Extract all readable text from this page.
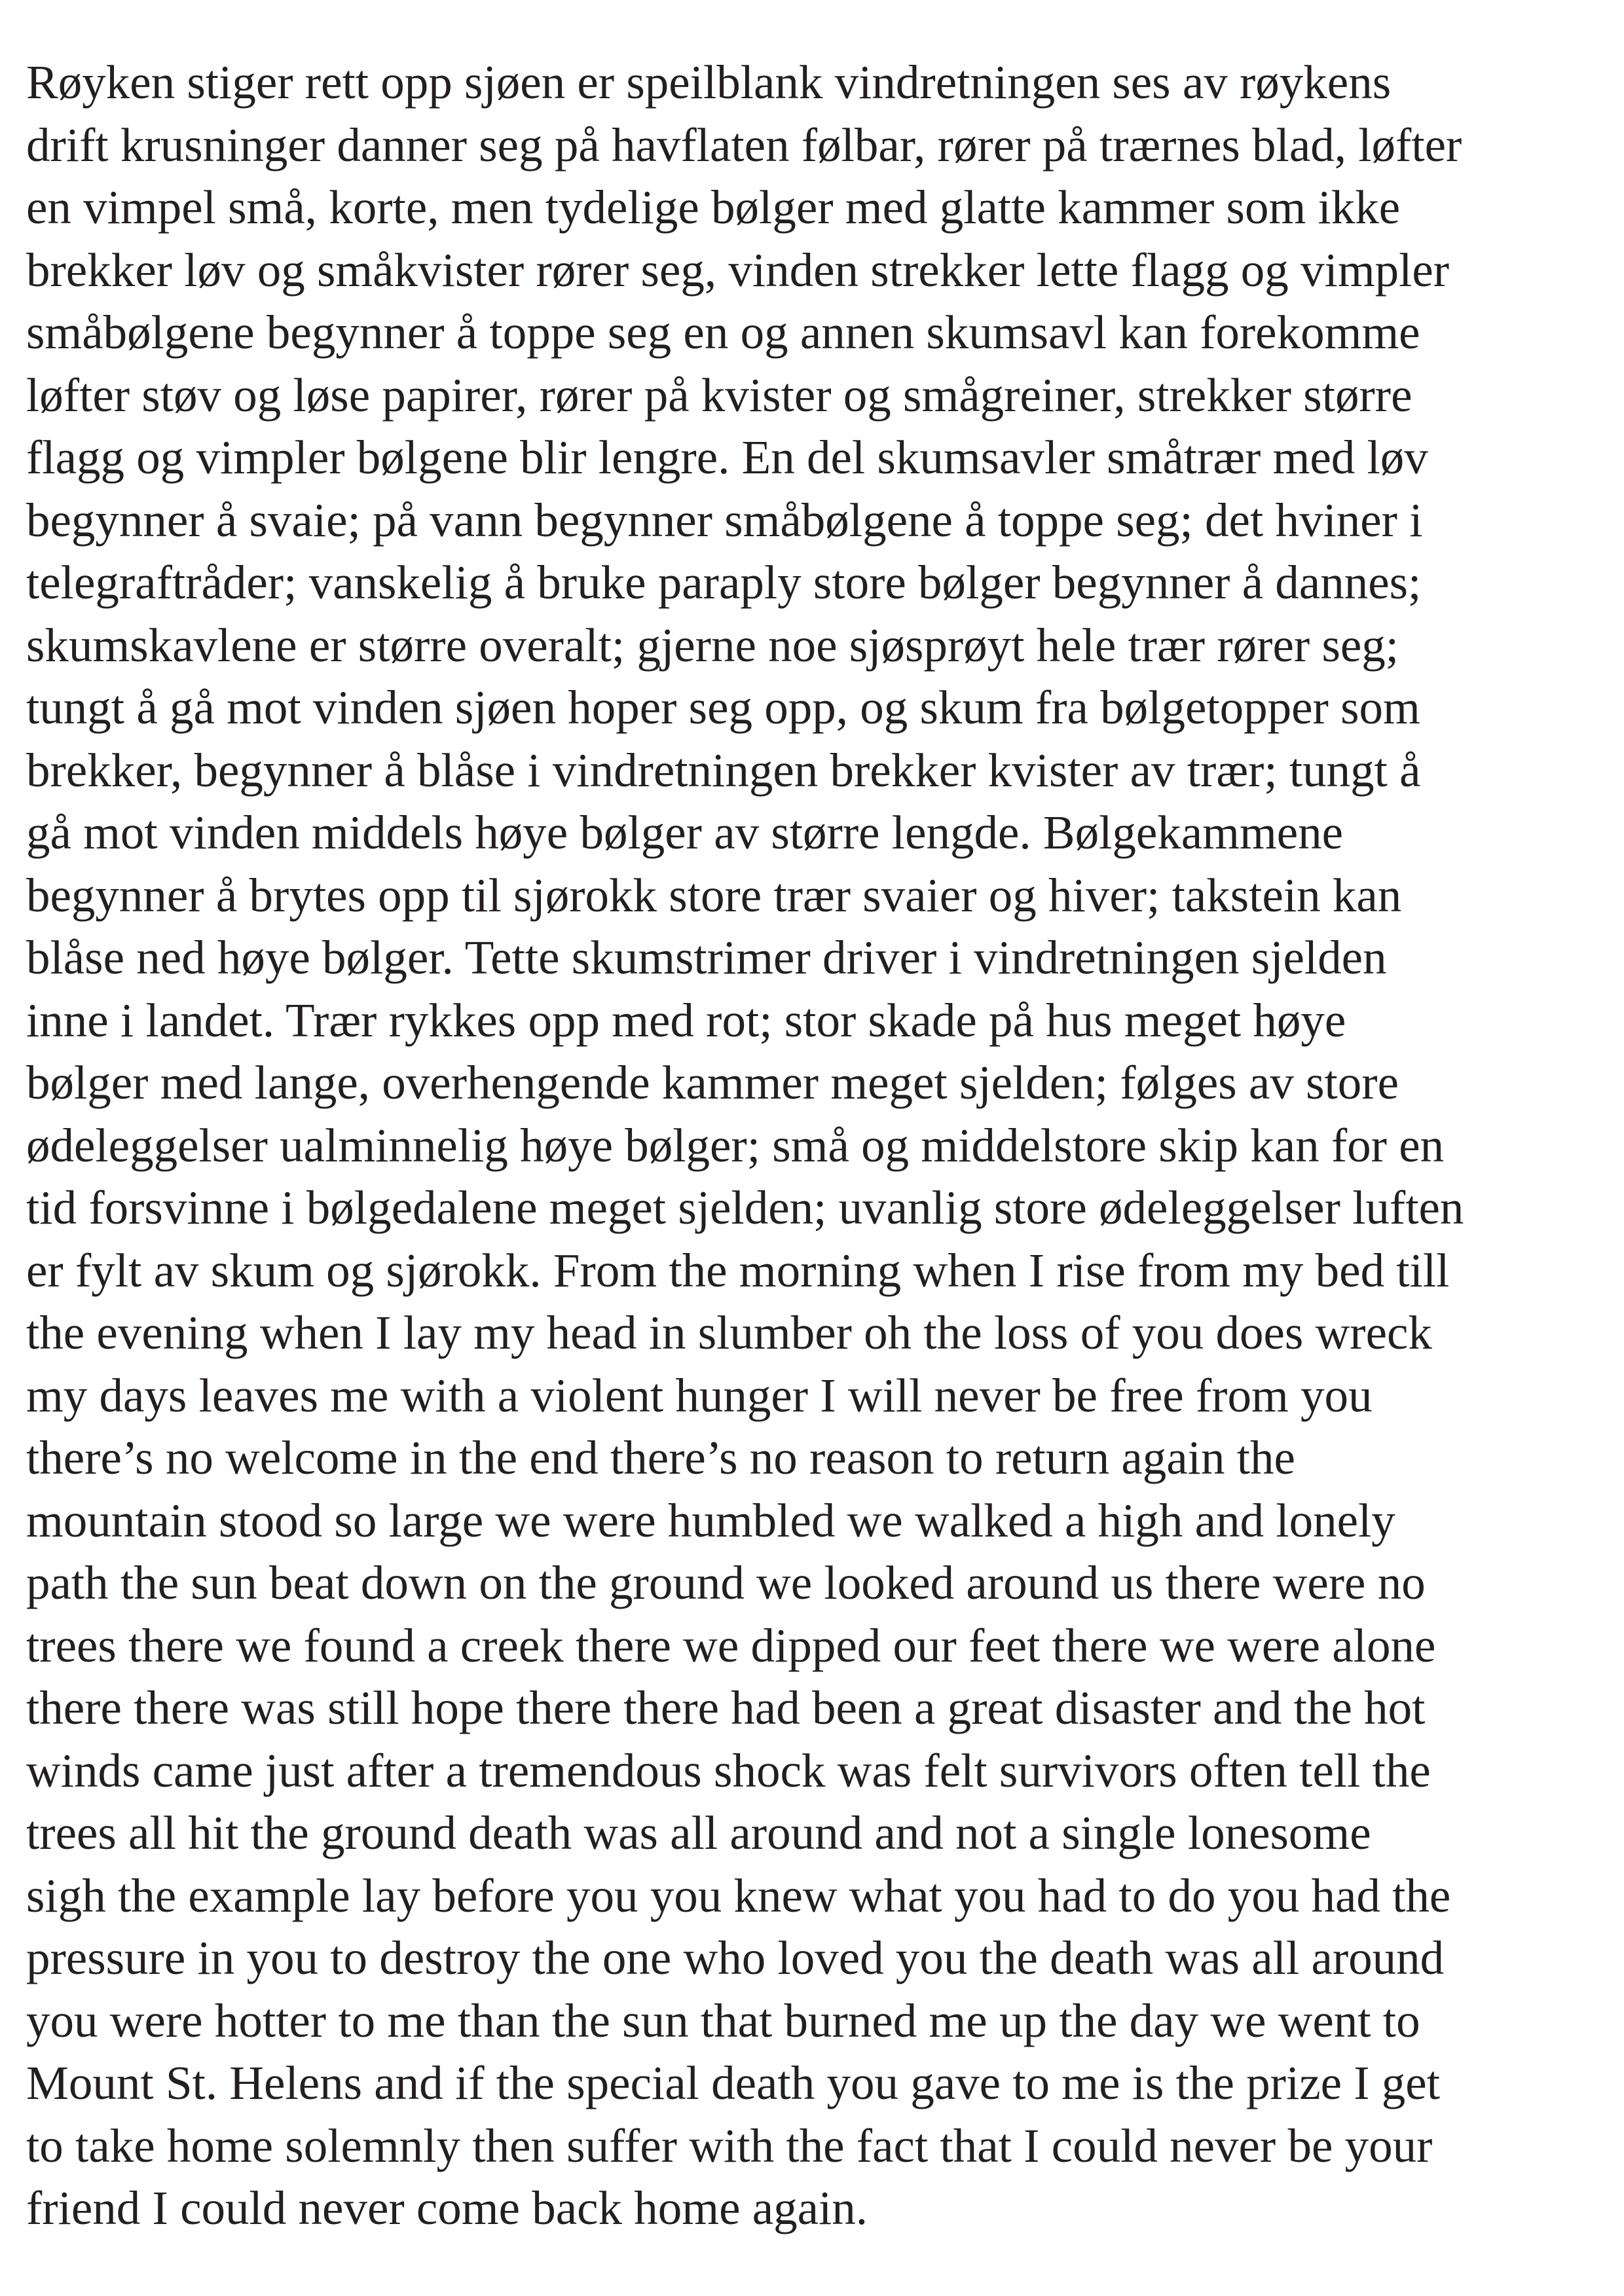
Røyken stiger rett opp sjøen er speilblank vindretningen ses av røykens
drift krusninger danner seg på havflaten følbar, rører på trærnes blad, løfter
en vimpel små, korte, men tydelige bølger med glatte kammer som ikke
brekker løv og småkvister rører seg, vinden strekker lette flagg og vimpler
småbølgene begynner å toppe seg en og annen skumsavl kan forekomme
løfter støv og løse papirer, rører på kvister og smågreiner, strekker større
flagg og vimpler bølgene blir lengre. En del skumsavler småtrær med løv
begynner å svaie; på vann begynner småbølgene å toppe seg; det hviner i
telegraftråder; vanskelig å bruke paraply store bølger begynner å dannes;
skumskavlene er større overalt; gjerne noe sjøsprøyt hele trær rører seg;
tungt å gå mot vinden sjøen hoper seg opp, og skum fra bølgetopper som
brekker, begynner å blåse i vindretningen brekker kvister av trær; tungt å
gå mot vinden middels høye bølger av større lengde. Bølgekammene
begynner å brytes opp til sjørokk store trær svaier og hiver; takstein kan
blåse ned høye bølger. Tette skumstrimer driver i vindretningen sjelden
inne i landet. Trær rykkes opp med rot; stor skade på hus meget høye
bølger med lange, overhengende kammer meget sjelden; følges av store
ødeleggelser ualminnelig høye bølger; små og middelstore skip kan for en
tid forsvinne i bølgedalene meget sjelden; uvanlig store ødeleggelser luften
er fylt av skum og sjørokk. From the morning when I rise from my bed till
the evening when I lay my head in slumber oh the loss of you does wreck
my days leaves me with a violent hunger I will never be free from you
there’s no welcome in the end there’s no reason to return again the
mountain stood so large we were humbled we walked a high and lonely
path the sun beat down on the ground we looked around us there were no
trees there we found a creek there we dipped our feet there we were alone
there there was still hope there there had been a great disaster and the hot
winds came just after a tremendous shock was felt survivors often tell the
trees all hit the ground death was all around and not a single lonesome
sigh the example lay before you you knew what you had to do you had the
pressure in you to destroy the one who loved you the death was all around
you were hotter to me than the sun that burned me up the day we went to
Mount St. Helens and if the special death you gave to me is the prize I get
to take home solemnly then suffer with the fact that I could never be your
friend I could never come back home again.
